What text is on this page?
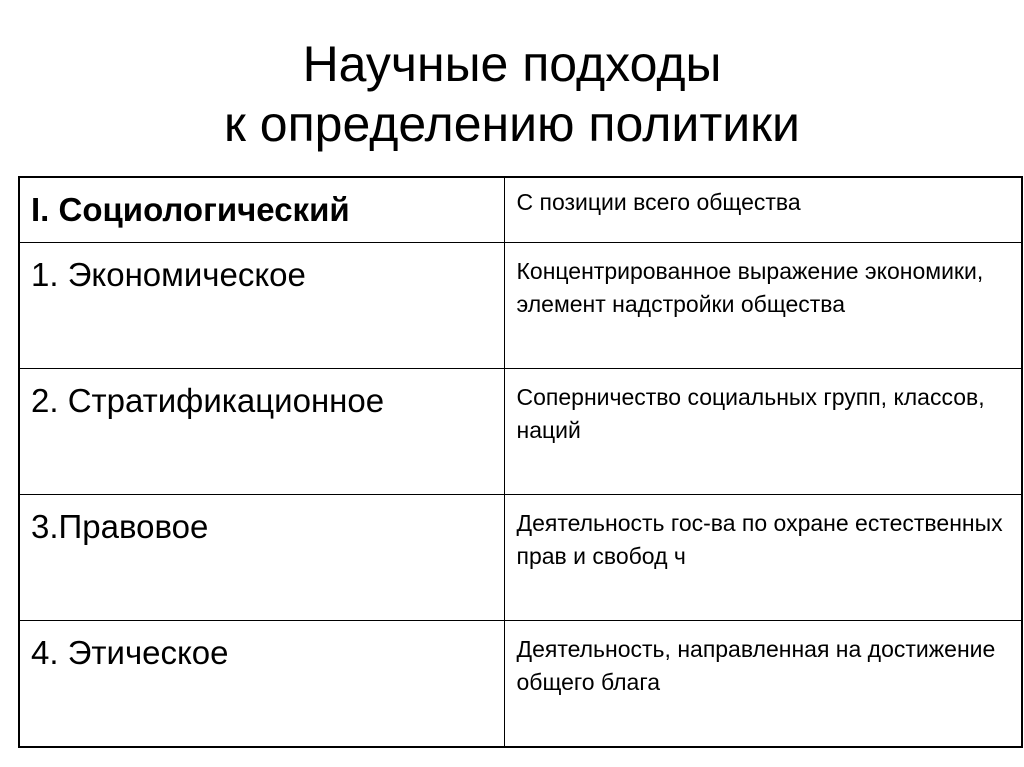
Научные подходы
к определению политики
I. Социологический	С позиции всего общества

1. Экономическое	Концентрированное выражение экономики, элемент надстройки общества

2. Стратификационное	Соперничество социальных групп, классов, наций

3.Правовое	Деятельность гос-ва по охране естественных прав и свобод ч

4. Этическое	Деятельность, направленная на достижение общего блага
